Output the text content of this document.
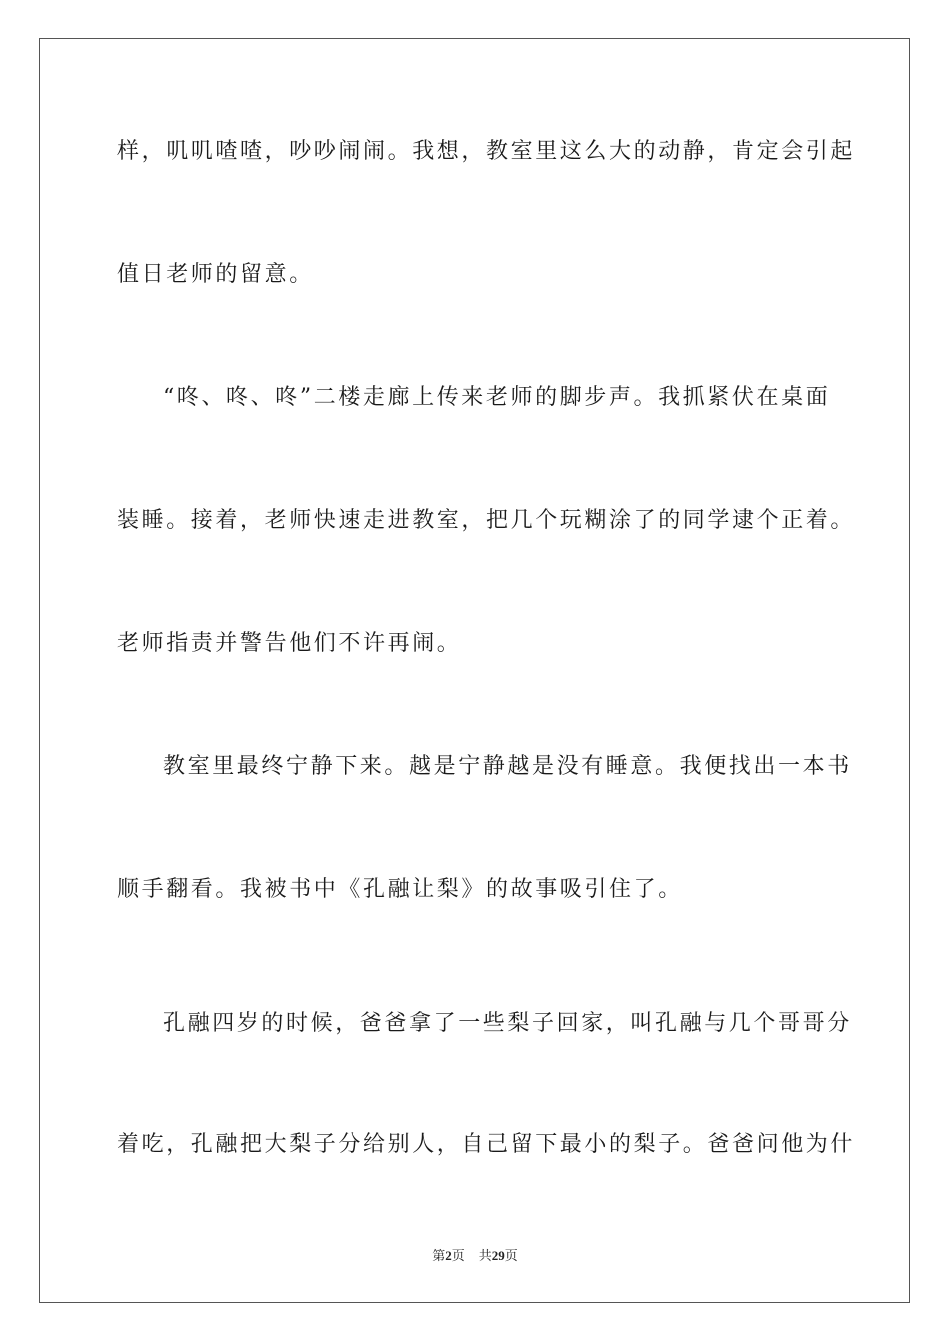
样，叽叽喳喳，吵吵闹闹。我想，教室里这么大的动静，肯定会引起
值日老师的留意。
“咚、咚、咚”二楼走廊上传来老师的脚步声。我抓紧伏在桌面
装睡。接着，老师快速走进教室，把几个玩糊涂了的同学逮个正着。
老师指责并警告他们不许再闹。
教室里最终宁静下来。越是宁静越是没有睡意。我便找出一本书
顺手翻看。我被书中《孔融让梨》的故事吸引住了。
孔融四岁的时候，爸爸拿了一些梨子回家，叫孔融与几个哥哥分
着吃，孔融把大梨子分给别人，自己留下最小的梨子。爸爸问他为什
第2页 共29页
